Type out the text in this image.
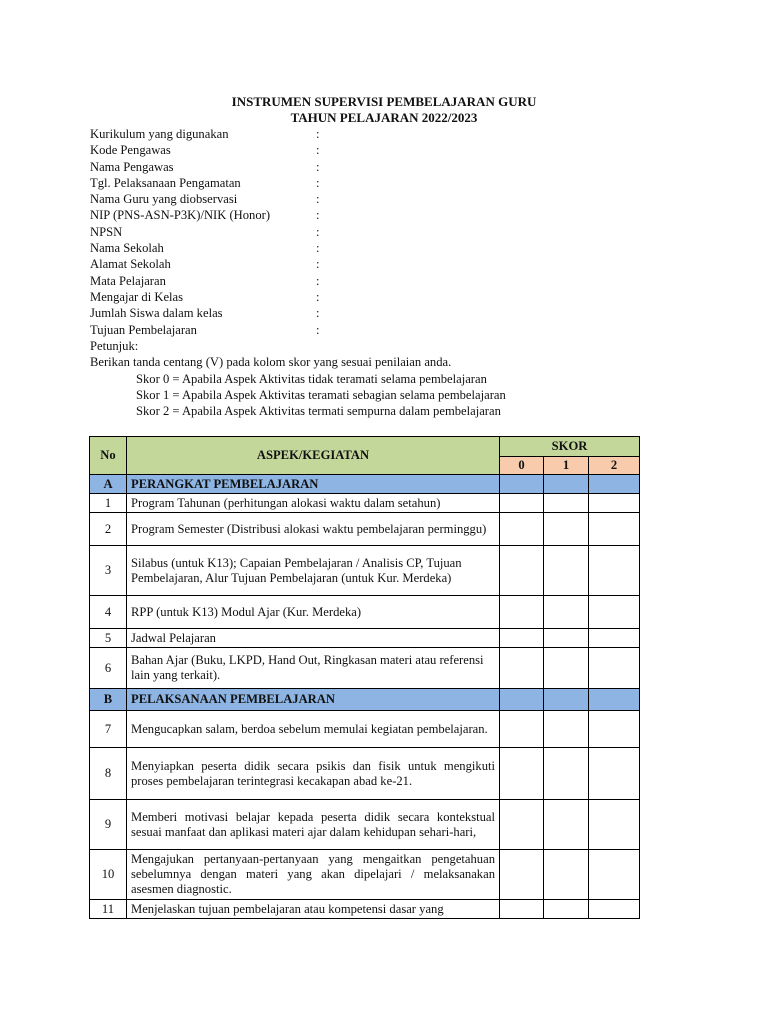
INSTRUMEN SUPERVISI PEMBELAJARAN GURU
TAHUN PELAJARAN 2022/2023
Kurikulum yang digunakan	:
Kode Pengawas	:
Nama Pengawas	:
Tgl. Pelaksanaan Pengamatan	:
Nama Guru yang diobservasi	:
NIP (PNS-ASN-P3K)/NIK (Honor)	:
NPSN	:
Nama Sekolah	:
Alamat Sekolah	:
Mata Pelajaran	:
Mengajar di Kelas	:
Jumlah Siswa dalam kelas	:
Tujuan Pembelajaran	:
Petunjuk:
Berikan tanda centang (V) pada kolom skor yang sesuai penilaian anda.
Skor 0 = Apabila Aspek Aktivitas tidak teramati selama pembelajaran
Skor 1 = Apabila Aspek Aktivitas teramati sebagian selama pembelajaran
Skor 2 = Apabila Aspek Aktivitas termati sempurna dalam pembelajaran
No	ASPEK/KEGIATAN	SKOR		
		0	1	2
A	PERANGKAT PEMBELAJARAN			
1	Program Tahunan (perhitungan alokasi waktu dalam setahun)			
2	Program Semester (Distribusi alokasi waktu pembelajaran perminggu)			
3	Silabus (untuk K13); Capaian Pembelajaran / Analisis CP, Tujuan Pembelajaran, Alur Tujuan Pembelajaran (untuk Kur. Merdeka)			
4	RPP (untuk K13) Modul Ajar (Kur. Merdeka)			
5	Jadwal Pelajaran			
6	Bahan Ajar (Buku, LKPD, Hand Out, Ringkasan materi atau referensi lain yang terkait).			
B	PELAKSANAAN PEMBELAJARAN			
7	Mengucapkan salam, berdoa sebelum memulai kegiatan pembelajaran.			
8	Menyiapkan peserta didik secara psikis dan fisik untuk mengikuti proses pembelajaran terintegrasi kecakapan abad ke-21.			
9	Memberi motivasi belajar kepada peserta didik secara kontekstual sesuai manfaat dan aplikasi materi ajar dalam kehidupan sehari-hari,			
10	Mengajukan pertanyaan-pertanyaan yang mengaitkan pengetahuan sebelumnya dengan materi yang akan dipelajari / melaksanakan asesmen diagnostic.			
11	Menjelaskan tujuan pembelajaran atau kompetensi dasar yang			
